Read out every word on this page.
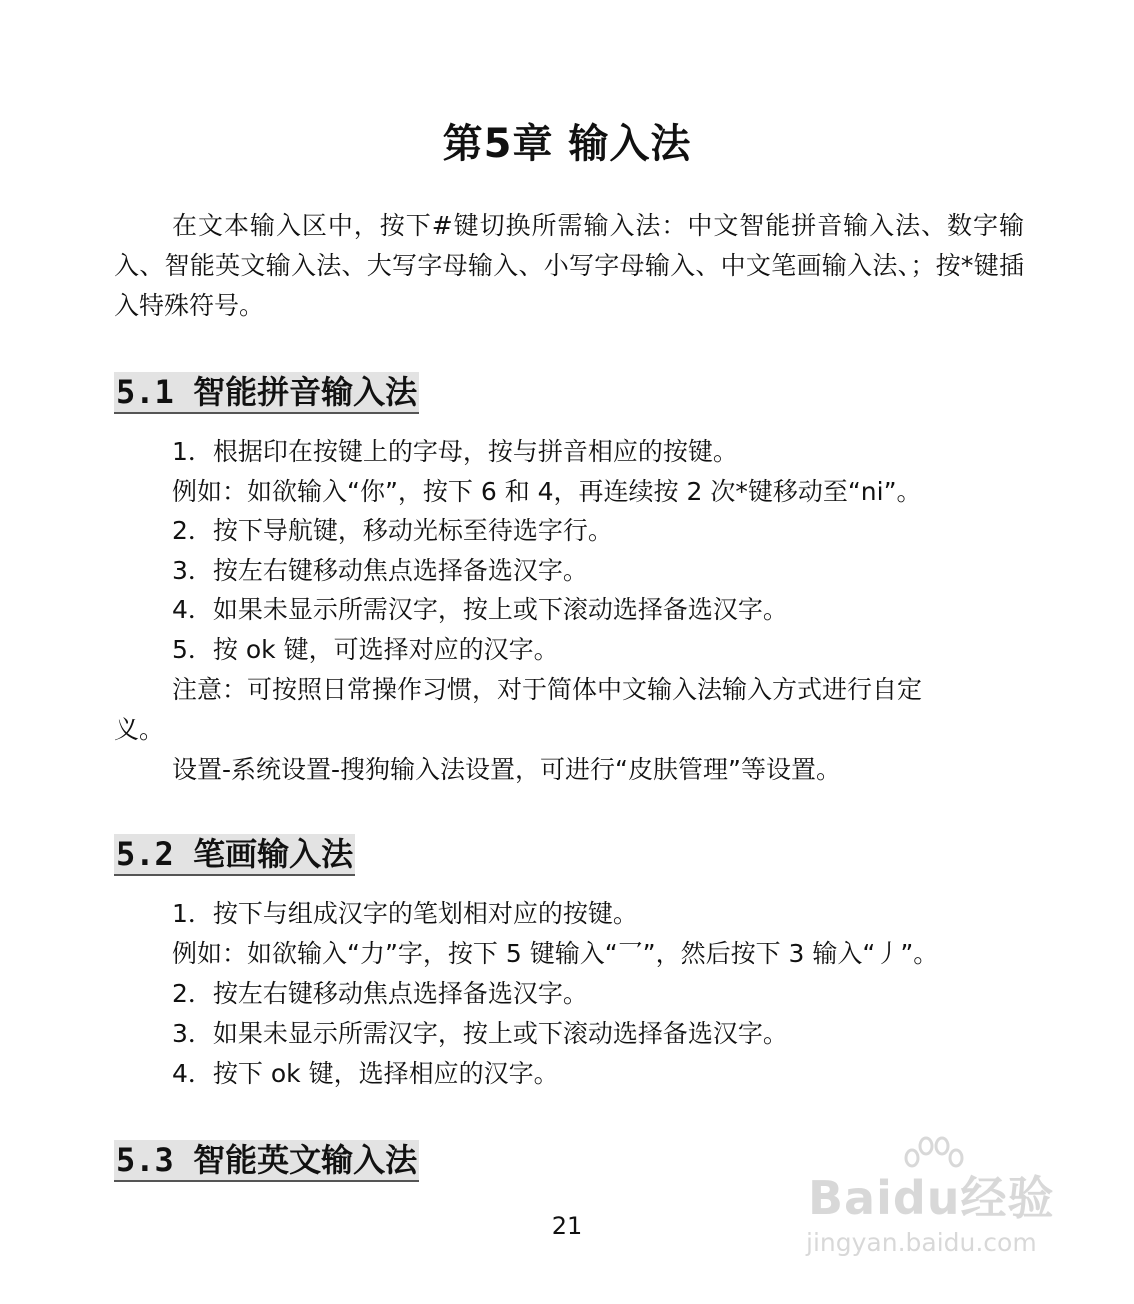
第5章 输入法
在文本输入区中，按下#键切换所需输入法：中文智能拼音输入法、数字输入、智能英文输入法、大写字母输入、小写字母输入、中文笔画输入法、；按*键插入特殊符号。
5.1 智能拼音输入法
1．根据印在按键上的字母，按与拼音相应的按键。
例如：如欲输入“你”，按下 6 和 4，再连续按 2 次*键移动至“ni”。
2．按下导航键，移动光标至待选字行。
3．按左右键移动焦点选择备选汉字。
4．如果未显示所需汉字，按上或下滚动选择备选汉字。
5．按 ok 键，可选择对应的汉字。
注意：可按照日常操作习惯，对于简体中文输入法输入方式进行自定
义。
设置-系统设置-搜狗输入法设置，可进行“皮肤管理”等设置。
5.2 笔画输入法
1．按下与组成汉字的笔划相对应的按键。
例如：如欲输入“力”字，按下 5 键输入“乛”，然后按下 3 输入“丿”。
2．按左右键移动焦点选择备选汉字。
3．如果未显示所需汉字，按上或下滚动选择备选汉字。
4．按下 ok 键，选择相应的汉字。
5.3 智能英文输入法
21
Baidu经验
jingyan.baidu.com
